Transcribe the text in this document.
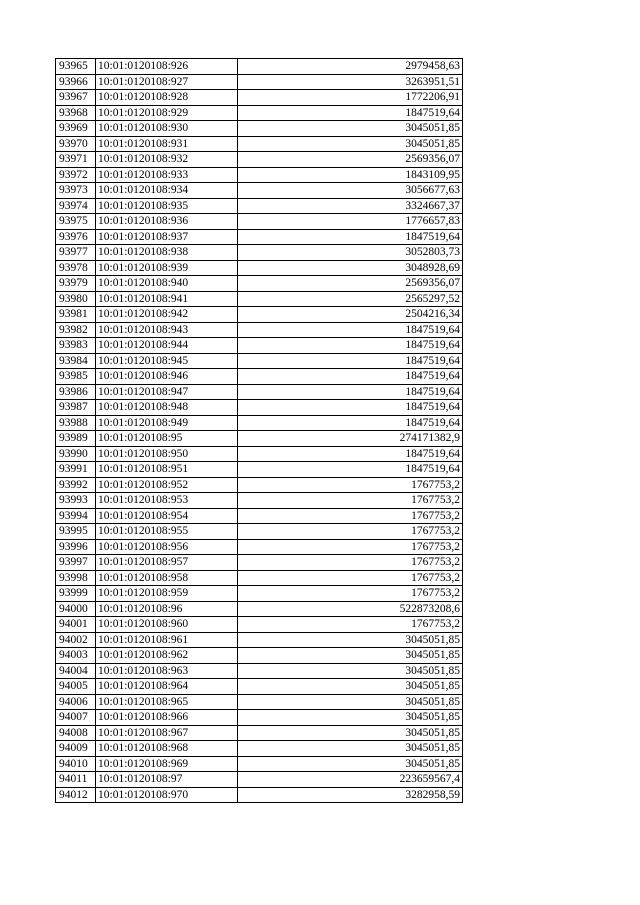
93965	10:01:0120108:926	2979458,63
93966	10:01:0120108:927	3263951,51
93967	10:01:0120108:928	1772206,91
93968	10:01:0120108:929	1847519,64
93969	10:01:0120108:930	3045051,85
93970	10:01:0120108:931	3045051,85
93971	10:01:0120108:932	2569356,07
93972	10:01:0120108:933	1843109,95
93973	10:01:0120108:934	3056677,63
93974	10:01:0120108:935	3324667,37
93975	10:01:0120108:936	1776657,83
93976	10:01:0120108:937	1847519,64
93977	10:01:0120108:938	3052803,73
93978	10:01:0120108:939	3048928,69
93979	10:01:0120108:940	2569356,07
93980	10:01:0120108:941	2565297,52
93981	10:01:0120108:942	2504216,34
93982	10:01:0120108:943	1847519,64
93983	10:01:0120108:944	1847519,64
93984	10:01:0120108:945	1847519,64
93985	10:01:0120108:946	1847519,64
93986	10:01:0120108:947	1847519,64
93987	10:01:0120108:948	1847519,64
93988	10:01:0120108:949	1847519,64
93989	10:01:0120108:95	274171382,9
93990	10:01:0120108:950	1847519,64
93991	10:01:0120108:951	1847519,64
93992	10:01:0120108:952	1767753,2
93993	10:01:0120108:953	1767753,2
93994	10:01:0120108:954	1767753,2
93995	10:01:0120108:955	1767753,2
93996	10:01:0120108:956	1767753,2
93997	10:01:0120108:957	1767753,2
93998	10:01:0120108:958	1767753,2
93999	10:01:0120108:959	1767753,2
94000	10:01:0120108:96	522873208,6
94001	10:01:0120108:960	1767753,2
94002	10:01:0120108:961	3045051,85
94003	10:01:0120108:962	3045051,85
94004	10:01:0120108:963	3045051,85
94005	10:01:0120108:964	3045051,85
94006	10:01:0120108:965	3045051,85
94007	10:01:0120108:966	3045051,85
94008	10:01:0120108:967	3045051,85
94009	10:01:0120108:968	3045051,85
94010	10:01:0120108:969	3045051,85
94011	10:01:0120108:97	223659567,4
94012	10:01:0120108:970	3282958,59
